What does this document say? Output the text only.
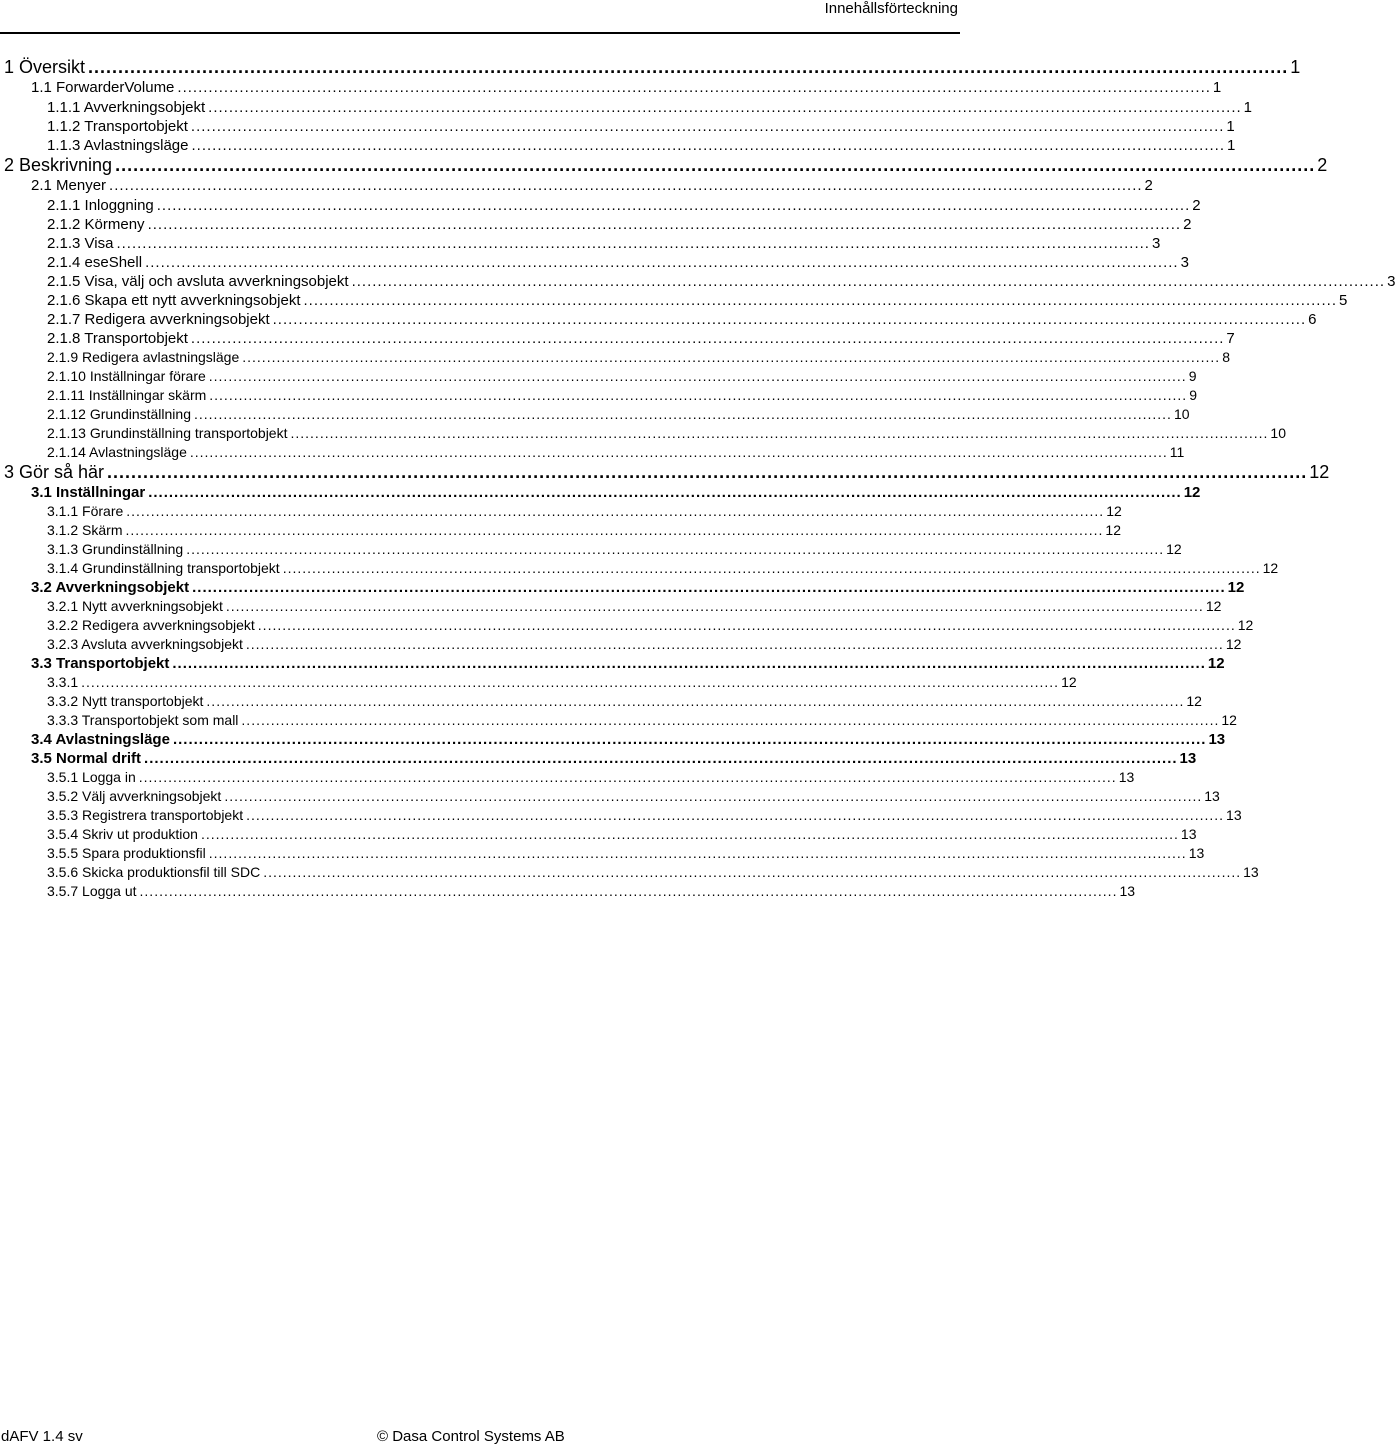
Innehållsförteckning
1 Översikt ........................................................................................................................................................................................................ 1
1.1 ForwarderVolume ........................................................................................................................................................................................................ 1
1.1.1 Avverkningsobjekt ........................................................................................................................................................................................................ 1
1.1.2 Transportobjekt ........................................................................................................................................................................................................ 1
1.1.3 Avlastningsläge ........................................................................................................................................................................................................ 1
2 Beskrivning ........................................................................................................................................................................................................ 2
2.1 Menyer ........................................................................................................................................................................................................ 2
2.1.1 Inloggning ........................................................................................................................................................................................................ 2
2.1.2 Körmeny ........................................................................................................................................................................................................ 2
2.1.3 Visa ........................................................................................................................................................................................................ 3
2.1.4 eseShell ........................................................................................................................................................................................................ 3
2.1.5 Visa, välj och avsluta avverkningsobjekt ........................................................................................................................................................................................................ 3
2.1.6 Skapa ett nytt avverkningsobjekt ........................................................................................................................................................................................................ 5
2.1.7 Redigera avverkningsobjekt ........................................................................................................................................................................................................ 6
2.1.8 Transportobjekt ........................................................................................................................................................................................................ 7
2.1.9 Redigera avlastningsläge ........................................................................................................................................................................................................ 8
2.1.10 Inställningar förare ........................................................................................................................................................................................................ 9
2.1.11 Inställningar skärm ........................................................................................................................................................................................................ 9
2.1.12 Grundinställning ........................................................................................................................................................................................................ 10
2.1.13 Grundinställning transportobjekt ........................................................................................................................................................................................................ 10
2.1.14 Avlastningsläge ........................................................................................................................................................................................................ 11
3 Gör så här ........................................................................................................................................................................................................ 12
3.1 Inställningar ........................................................................................................................................................................................................ 12
3.1.1 Förare ........................................................................................................................................................................................................ 12
3.1.2 Skärm ........................................................................................................................................................................................................ 12
3.1.3 Grundinställning ........................................................................................................................................................................................................ 12
3.1.4 Grundinställning transportobjekt ........................................................................................................................................................................................................ 12
3.2 Avverkningsobjekt ........................................................................................................................................................................................................ 12
3.2.1 Nytt avverkningsobjekt ........................................................................................................................................................................................................ 12
3.2.2 Redigera avverkningsobjekt ........................................................................................................................................................................................................ 12
3.2.3 Avsluta avverkningsobjekt ........................................................................................................................................................................................................ 12
3.3 Transportobjekt ........................................................................................................................................................................................................ 12
3.3.1 ........................................................................................................................................................................................................ 12
3.3.2 Nytt transportobjekt ........................................................................................................................................................................................................ 12
3.3.3 Transportobjekt som mall ........................................................................................................................................................................................................ 12
3.4 Avlastningsläge ........................................................................................................................................................................................................ 13
3.5 Normal drift ........................................................................................................................................................................................................ 13
3.5.1 Logga in ........................................................................................................................................................................................................ 13
3.5.2 Välj avverkningsobjekt ........................................................................................................................................................................................................ 13
3.5.3 Registrera transportobjekt ........................................................................................................................................................................................................ 13
3.5.4 Skriv ut produktion ........................................................................................................................................................................................................ 13
3.5.5 Spara produktionsfil ........................................................................................................................................................................................................ 13
3.5.6 Skicka produktionsfil till SDC ........................................................................................................................................................................................................ 13
3.5.7 Logga ut ........................................................................................................................................................................................................ 13
dAFV 1.4 sv	© Dasa Control Systems AB
